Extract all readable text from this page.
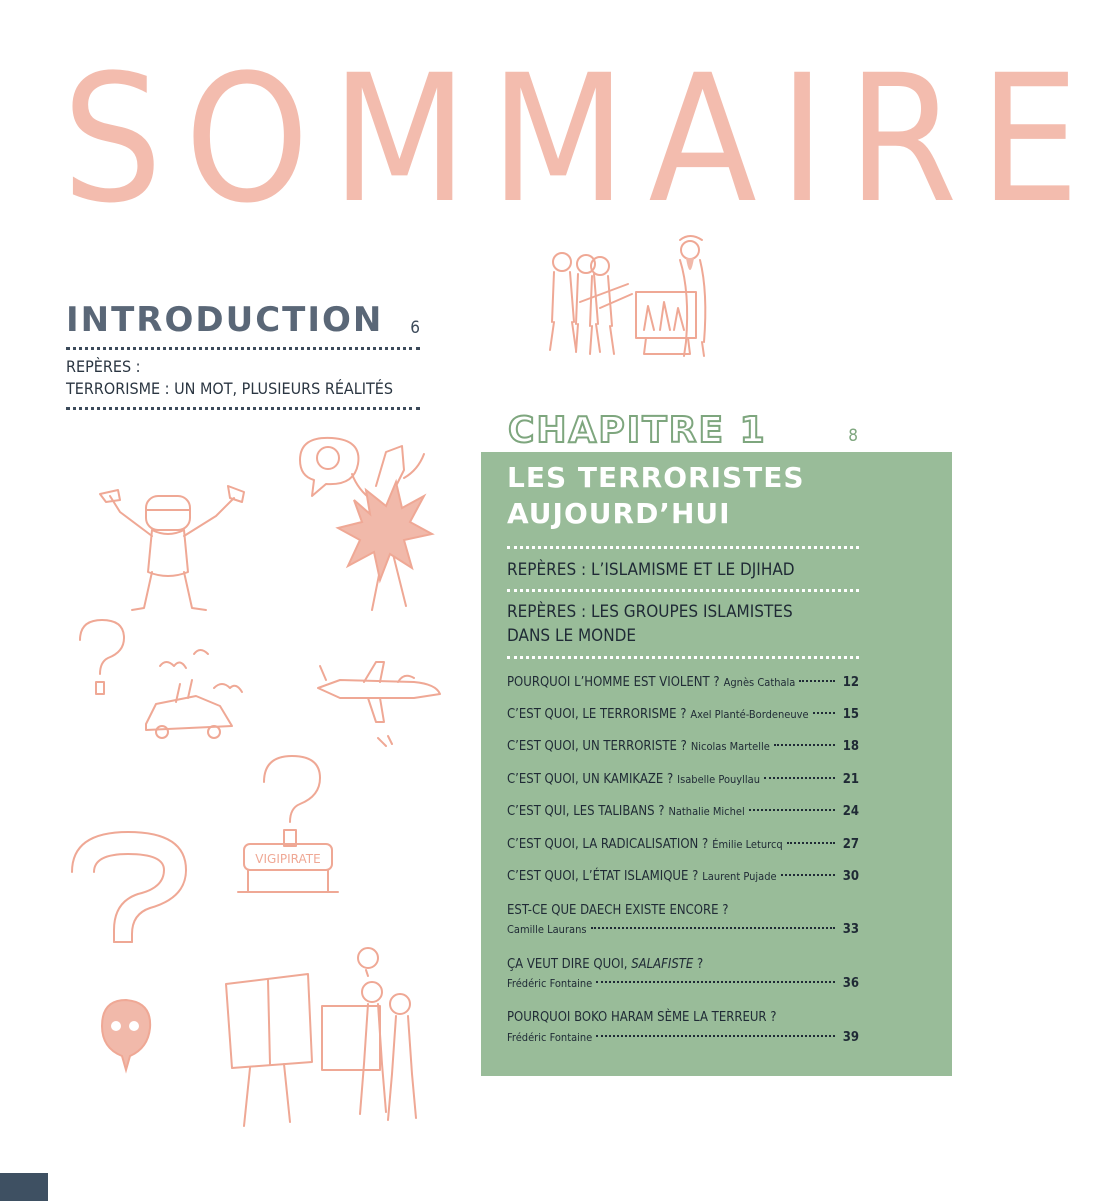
SOMMAIRE
INTRODUCTION 6
REPÈRES :
TERRORISME : UN MOT, PLUSIEURS RÉALITÉS
VIGIPIRATE
CHAPITRE 1	8
LES TERRORISTES
AUJOURD’HUI
REPÈRES : L’ISLAMISME ET LE DJIHAD
REPÈRES : LES GROUPES ISLAMISTES
DANS LE MONDE
POURQUOI L’HOMME EST VIOLENT ? Agnès Cathala	12
C’EST QUOI, LE TERRORISME ? Axel Planté-Bordeneuve	15
C’EST QUOI, UN TERRORISTE ? Nicolas Martelle	18
C’EST QUOI, UN KAMIKAZE ? Isabelle Pouyllau	21
C’EST QUI, LES TALIBANS ? Nathalie Michel	24
C’EST QUOI, LA RADICALISATION ? Émilie Leturcq	27
C’EST QUOI, L’ÉTAT ISLAMIQUE ? Laurent Pujade	30
EST-CE QUE DAECH EXISTE ENCORE ?
Camille Laurans	33
ÇA VEUT DIRE QUOI, SALAFISTE ?
Frédéric Fontaine	36
POURQUOI BOKO HARAM SÈME LA TERREUR ?
Frédéric Fontaine	39
